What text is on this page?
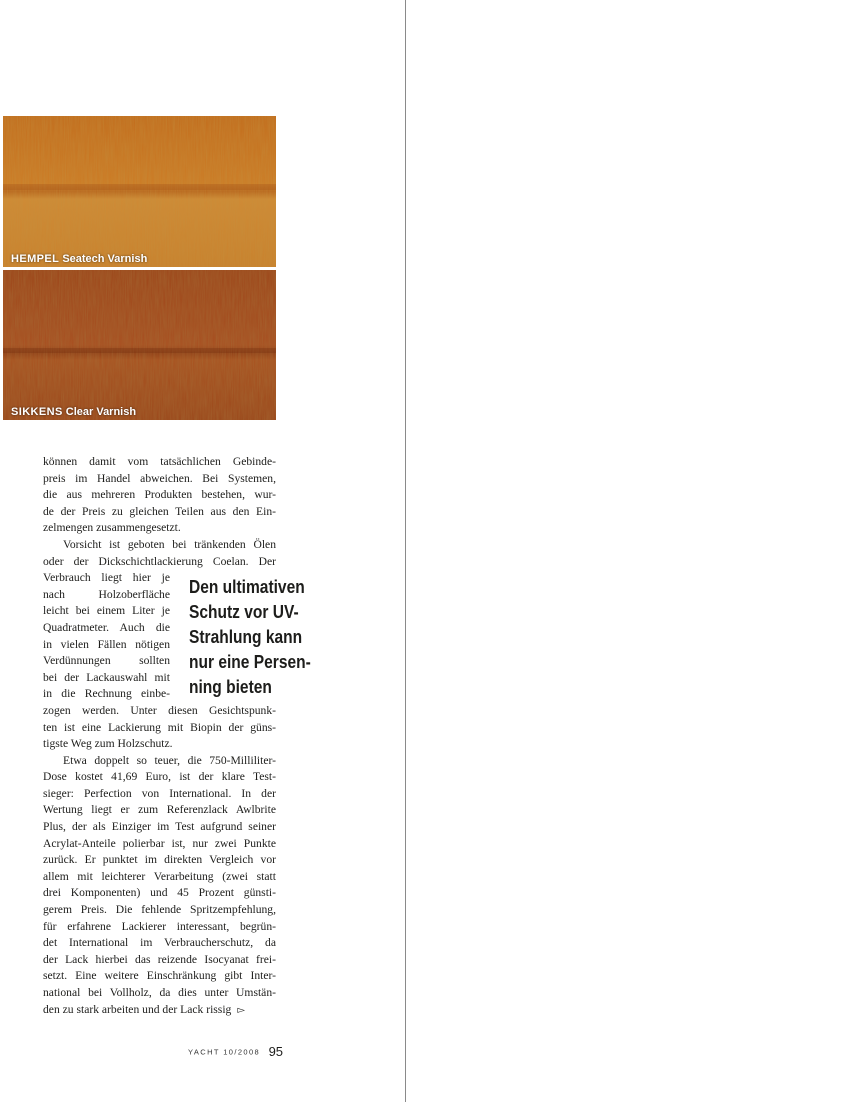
HEMPEL Seatech Varnish
SIKKENS Clear Varnish
können damit vom tatsächlichen Gebinde-
preis im Handel abweichen. Bei Systemen,
die aus mehreren Produkten bestehen, wur-
de der Preis zu gleichen Teilen aus den Ein-
zelmengen zusammengesetzt.
Vorsicht ist geboten bei tränkenden Ölen
oder der Dickschichtlackierung Coelan. Der
Verbrauch liegt hier je
nach Holzoberfläche
leicht bei einem Liter je
Quadratmeter. Auch die
in vielen Fällen nötigen
Verdünnungen sollten
bei der Lackauswahl mit
in die Rechnung einbe-
zogen werden. Unter diesen Gesichtspunk-
ten ist eine Lackierung mit Biopin der güns-
tigste Weg zum Holzschutz.
Etwa doppelt so teuer, die 750-Milliliter-
Dose kostet 41,69 Euro, ist der klare Test-
sieger: Perfection von International. In der
Wertung liegt er zum Referenzlack Awlbrite
Plus, der als Einziger im Test aufgrund seiner
Acrylat-Anteile polierbar ist, nur zwei Punkte
zurück. Er punktet im direkten Vergleich vor
allem mit leichterer Verarbeitung (zwei statt
drei Komponenten) und 45 Prozent günsti-
gerem Preis. Die fehlende Spritzempfehlung,
für erfahrene Lackierer interessant, begrün-
det International im Verbraucherschutz, da
der Lack hierbei das reizende Isocyanat frei-
setzt. Eine weitere Einschränkung gibt Inter-
national bei Vollholz, da dies unter Umstän-
den zu stark arbeiten und der Lack rissig ▻
Den ultimativen
Schutz vor UV-
Strahlung kann
nur eine Persen-
ning bieten
YACHT 10/2008 95
